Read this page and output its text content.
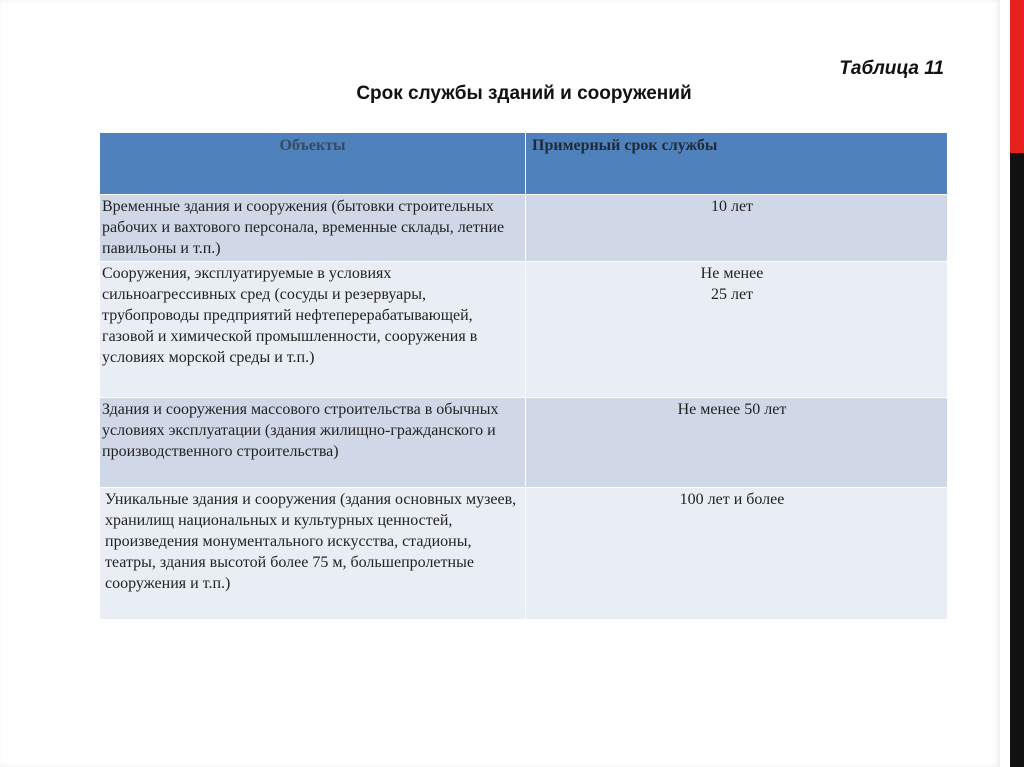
Таблица 11
Срок службы зданий и сооружений
Объекты	Примерный срок службы
Временные здания и сооружения (бытовки строительных рабочих и вахтового персонала, временные склады, летние павильоны и т.п.)	10 лет

Сооружения, эксплуатируемые в условиях сильноагрессивных сред (сосуды и резервуары, трубопроводы предприятий нефтеперерабатывающей, газовой и химической промышленности, сооружения в условиях морской среды и т.п.)	Не менее
25 лет

Здания и сооружения массового строительства в обычных условиях эксплуатации (здания жилищно-гражданского и производственного строительства)	Не менее 50 лет

Уникальные здания и сооружения (здания основных музеев, хранилищ национальных и культурных ценностей, произведения монументального искусства, стадионы, театры, здания высотой более 75 м, большепролетные сооружения и т.п.)	100 лет и более
